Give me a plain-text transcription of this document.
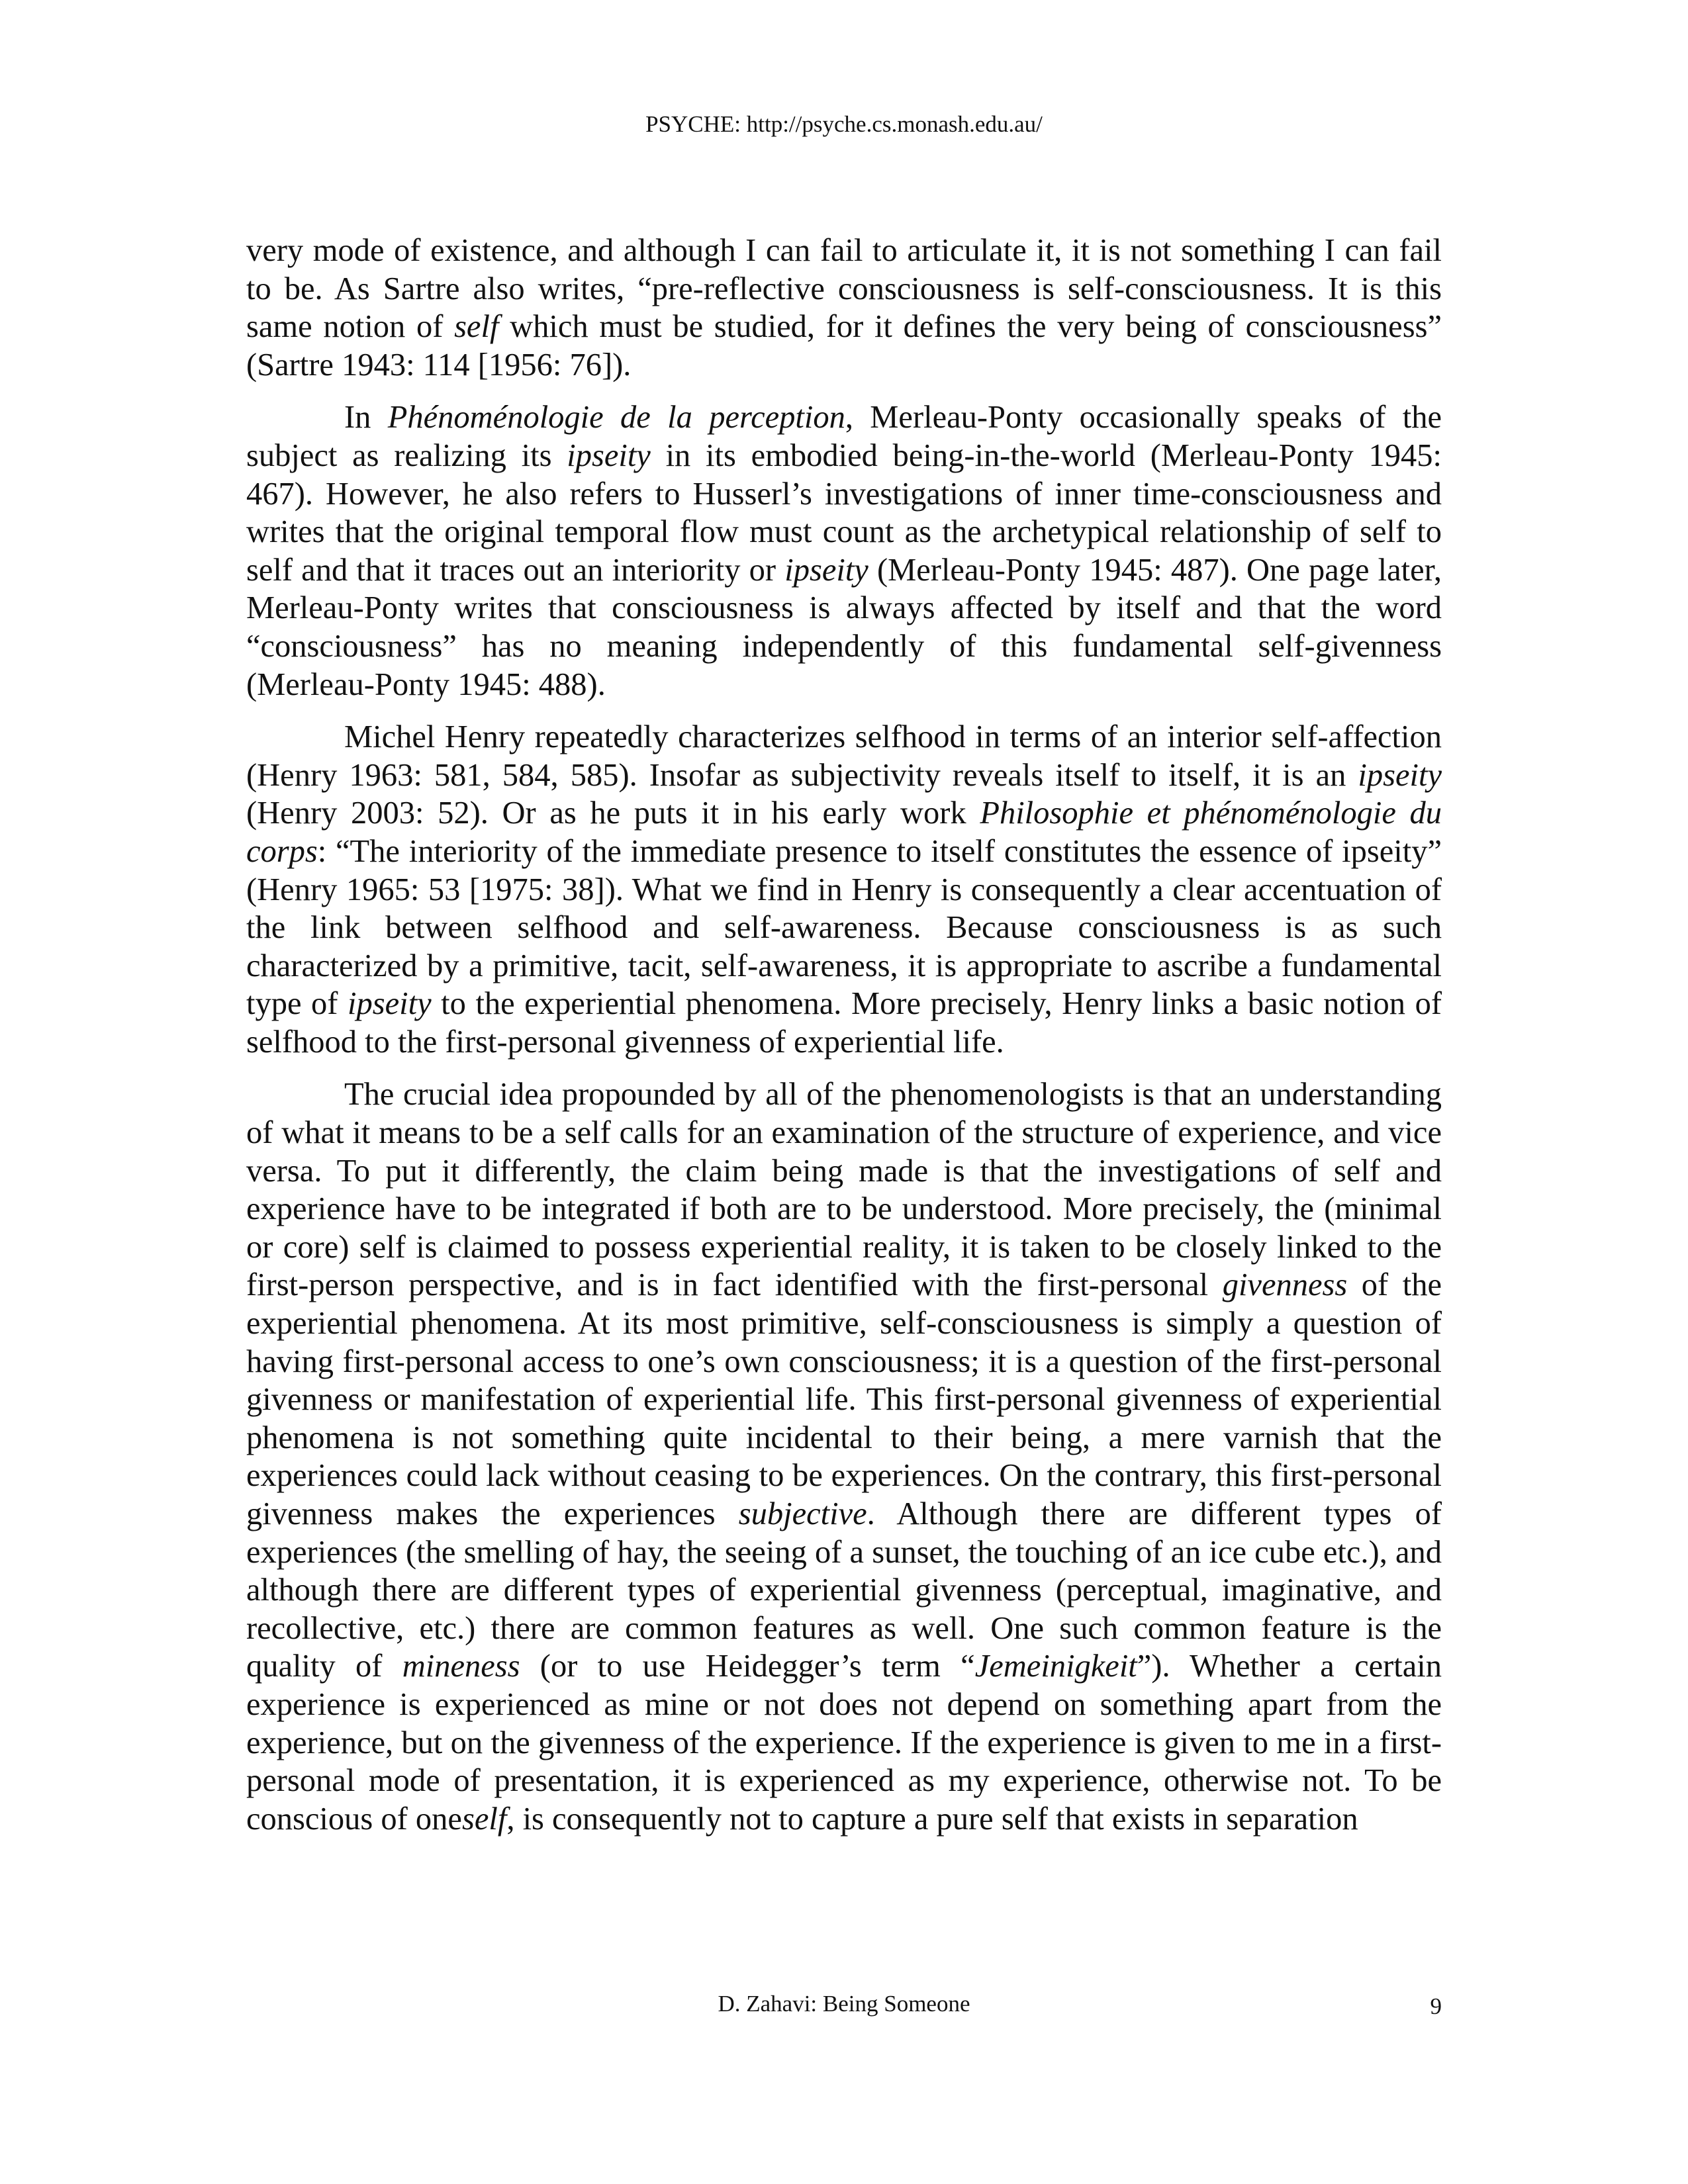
PSYCHE: http://psyche.cs.monash.edu.au/

very mode of existence, and although I can fail to articulate it, it is not something I can fail to be. As Sartre also writes, “pre-reflective consciousness is self-consciousness. It is this same notion of self which must be studied, for it defines the very being of consciousness” (Sartre 1943: 114 [1956: 76]).

In Phénoménologie de la perception, Merleau-Ponty occasionally speaks of the subject as realizing its ipseity in its embodied being-in-the-world (Merleau-Ponty 1945: 467). However, he also refers to Husserl’s investigations of inner time-consciousness and writes that the original temporal flow must count as the archetypical relationship of self to self and that it traces out an interiority or ipseity (Merleau-Ponty 1945: 487). One page later, Merleau-Ponty writes that consciousness is always affected by itself and that the word “consciousness” has no meaning independently of this fundamental self-givenness (Merleau-Ponty 1945: 488).

Michel Henry repeatedly characterizes selfhood in terms of an interior self-affection (Henry 1963: 581, 584, 585). Insofar as subjectivity reveals itself to itself, it is an ipseity (Henry 2003: 52). Or as he puts it in his early work Philosophie et phénoménologie du corps: “The interiority of the immediate presence to itself constitutes the essence of ipseity” (Henry 1965: 53 [1975: 38]). What we find in Henry is consequently a clear accentuation of the link between selfhood and self-awareness. Because consciousness is as such characterized by a primitive, tacit, self-awareness, it is appropriate to ascribe a fundamental type of ipseity to the experiential phenomena. More precisely, Henry links a basic notion of selfhood to the first-personal givenness of experiential life.

The crucial idea propounded by all of the phenomenologists is that an understanding of what it means to be a self calls for an examination of the structure of experience, and vice versa. To put it differently, the claim being made is that the investigations of self and experience have to be integrated if both are to be understood. More precisely, the (minimal or core) self is claimed to possess experiential reality, it is taken to be closely linked to the first-person perspective, and is in fact identified with the first-personal givenness of the experiential phenomena. At its most primitive, self-consciousness is simply a question of having first-personal access to one’s own consciousness; it is a question of the first-personal givenness or manifestation of experiential life. This first-personal givenness of experiential phenomena is not something quite incidental to their being, a mere varnish that the experiences could lack without ceasing to be experiences. On the contrary, this first-personal givenness makes the experiences subjective. Although there are different types of experiences (the smelling of hay, the seeing of a sunset, the touching of an ice cube etc.), and although there are different types of experiential givenness (perceptual, imaginative, and recollective, etc.) there are common features as well. One such common feature is the quality of mineness (or to use Heidegger’s term “Jemeinigkeit”). Whether a certain experience is experienced as mine or not does not depend on something apart from the experience, but on the givenness of the experience. If the experience is given to me in a first-personal mode of presentation, it is experienced as my experience, otherwise not. To be conscious of oneself, is consequently not to capture a pure self that exists in separation

D. Zahavi: Being Someone	9
